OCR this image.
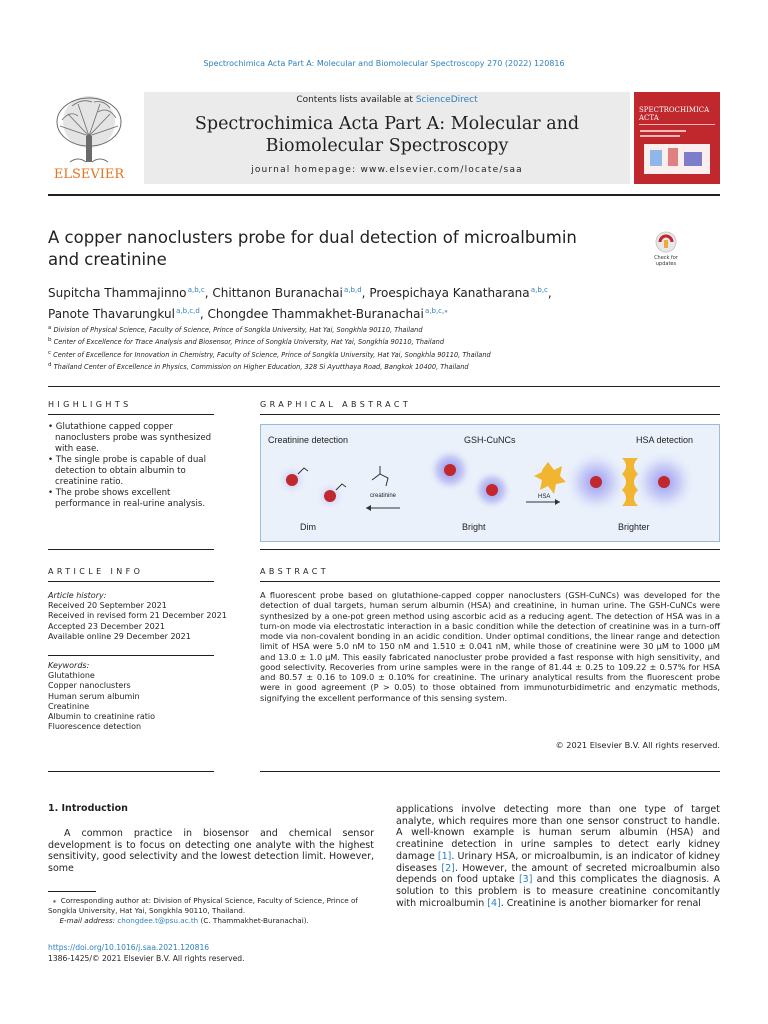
Spectrochimica Acta Part A: Molecular and Biomolecular Spectroscopy 270 (2022) 120816
ELSEVIER
Contents lists available at ScienceDirect
Spectrochimica Acta Part A: Molecular and
Biomolecular Spectroscopy
journal homepage: www.elsevier.com/locate/saa
SPECTROCHIMICA
ACTA
A copper nanoclusters probe for dual detection of microalbumin and creatinine	Check for
updates
Supitcha Thammajinno $^{a,b,c}$, Chittanon Buranachai $^{a,b,d}$, Proespichaya Kanatharana $^{a,b,c}$,
Panote Thavarungkul $^{a,b,c,d}$, Chongdee Thammakhet-Buranachai $^{a,b,c,⁎}$
$^a$ Division of Physical Science, Faculty of Science, Prince of Songkla University, Hat Yai, Songkhla 90110, Thailand
$^b$ Center of Excellence for Trace Analysis and Biosensor, Prince of Songkla University, Hat Yai, Songkhla 90110, Thailand
$^c$ Center of Excellence for Innovation in Chemistry, Faculty of Science, Prince of Songkla University, Hat Yai, Songkhla 90110, Thailand
$^d$ Thailand Center of Excellence in Physics, Commission on Higher Education, 328 Si Ayutthaya Road, Bangkok 10400, Thailand
HIGHLIGHTS
• Glutathione capped copper nanoclusters probe was synthesized with ease.
• The single probe is capable of dual detection to obtain albumin to creatinine ratio.
• The probe shows excellent performance in real-urine analysis.
GRAPHICAL ABSTRACT
Creatinine detection	GSH-CuNCs	HSA detection
Dim
creatinine
Bright
HSA
Brighter
ARTICLE INFO
Article history:
Received 20 September 2021
Received in revised form 21 December 2021
Accepted 23 December 2021
Available online 29 December 2021
Keywords:
Glutathione
Copper nanoclusters
Human serum albumin
Creatinine
Albumin to creatinine ratio
Fluorescence detection
ABSTRACT

A fluorescent probe based on glutathione-capped copper nanoclusters (GSH-CuNCs) was developed for the detection of dual targets, human serum albumin (HSA) and creatinine, in human urine. The GSH-CuNCs were synthesized by a one-pot green method using ascorbic acid as a reducing agent. The detection of HSA was in a turn-on mode via electrostatic interaction in a basic condition while the detection of creatinine was in a turn-off mode via non-covalent bonding in an acidic condition. Under optimal conditions, the linear range and detection limit of HSA were 5.0 nM to 150 nM and 1.510 ± 0.041 nM, while those of creatinine were 30 μM to 1000 μM and 13.0 ± 1.0 μM. This easily fabricated nanocluster probe provided a fast response with high sensitivity, and good selectivity. Recoveries from urine samples were in the range of 81.44 ± 0.25 to 109.22 ± 0.57% for HSA and 80.57 ± 0.16 to 109.0 ± 0.10% for creatinine. The urinary analytical results from the fluorescent probe were in good agreement (P > 0.05) to those obtained from immunoturbidimetric and enzymatic methods, signifying the excellent performance of this sensing system.

© 2021 Elsevier B.V. All rights reserved.
1. Introduction

A common practice in biosensor and chemical sensor development is to focus on detecting one analyte with the highest sensitivity, good selectivity and the lowest detection limit. However, some

applications involve detecting more than one type of target analyte, which requires more than one sensor construct to handle. A well-known example is human serum albumin (HSA) and creatinine detection in urine samples to detect early kidney damage [1]. Urinary HSA, or microalbumin, is an indicator of kidney diseases [2]. However, the amount of secreted microalbumin also depends on food uptake [3] and this complicates the diagnosis. A solution to this problem is to measure creatinine concomitantly with microalbumin [4]. Creatinine is another biomarker for renal

⁎ Corresponding author at: Division of Physical Science, Faculty of Science, Prince of Songkla University, Hat Yai, Songkhla 90110, Thailand.
E-mail address: chongdee.t@psu.ac.th (C. Thammakhet-Buranachai).
https://doi.org/10.1016/j.saa.2021.120816
1386-1425/© 2021 Elsevier B.V. All rights reserved.
